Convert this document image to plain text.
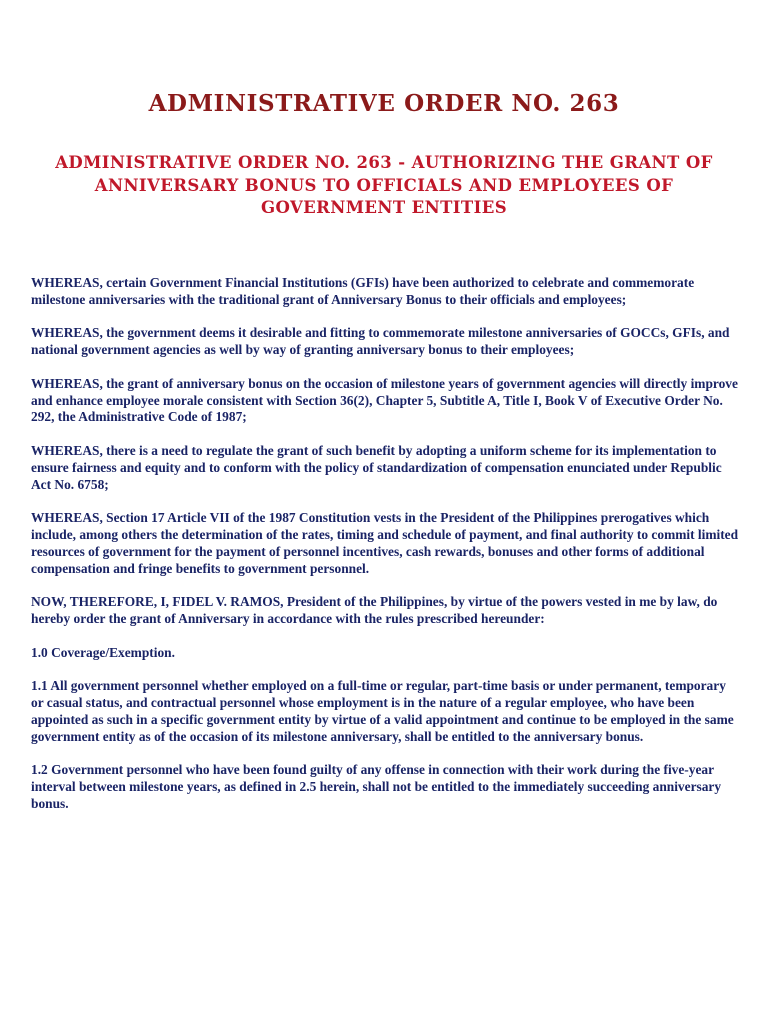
ADMINISTRATIVE ORDER NO. 263
ADMINISTRATIVE ORDER NO. 263 - AUTHORIZING THE GRANT OF ANNIVERSARY BONUS TO OFFICIALS AND EMPLOYEES OF GOVERNMENT ENTITIES

WHEREAS, certain Government Financial Institutions (GFIs) have been authorized to celebrate and commemorate milestone anniversaries with the traditional grant of Anniversary Bonus to their officials and employees;

WHEREAS, the government deems it desirable and fitting to commemorate milestone anniversaries of GOCCs, GFIs, and national government agencies as well by way of granting anniversary bonus to their employees;

WHEREAS, the grant of anniversary bonus on the occasion of milestone years of government agencies will directly improve and enhance employee morale consistent with Section 36(2), Chapter 5, Subtitle A, Title I, Book V of Executive Order No. 292, the Administrative Code of 1987;

WHEREAS, there is a need to regulate the grant of such benefit by adopting a uniform scheme for its implementation to ensure fairness and equity and to conform with the policy of standardization of compensation enunciated under Republic Act No. 6758;

WHEREAS, Section 17 Article VII of the 1987 Constitution vests in the President of the Philippines prerogatives which include, among others the determination of the rates, timing and schedule of payment, and final authority to commit limited resources of government for the payment of personnel incentives, cash rewards, bonuses and other forms of additional compensation and fringe benefits to government personnel.

NOW, THEREFORE, I, FIDEL V. RAMOS, President of the Philippines, by virtue of the powers vested in me by law, do hereby order the grant of Anniversary in accordance with the rules prescribed hereunder:

1.0 Coverage/Exemption.

1.1 All government personnel whether employed on a full-time or regular, part-time basis or under permanent, temporary or casual status, and contractual personnel whose employment is in the nature of a regular employee, who have been appointed as such in a specific government entity by virtue of a valid appointment and continue to be employed in the same government entity as of the occasion of its milestone anniversary, shall be entitled to the anniversary bonus.

1.2 Government personnel who have been found guilty of any offense in connection with their work during the five-year interval between milestone years, as defined in 2.5 herein, shall not be entitled to the immediately succeeding anniversary bonus.
